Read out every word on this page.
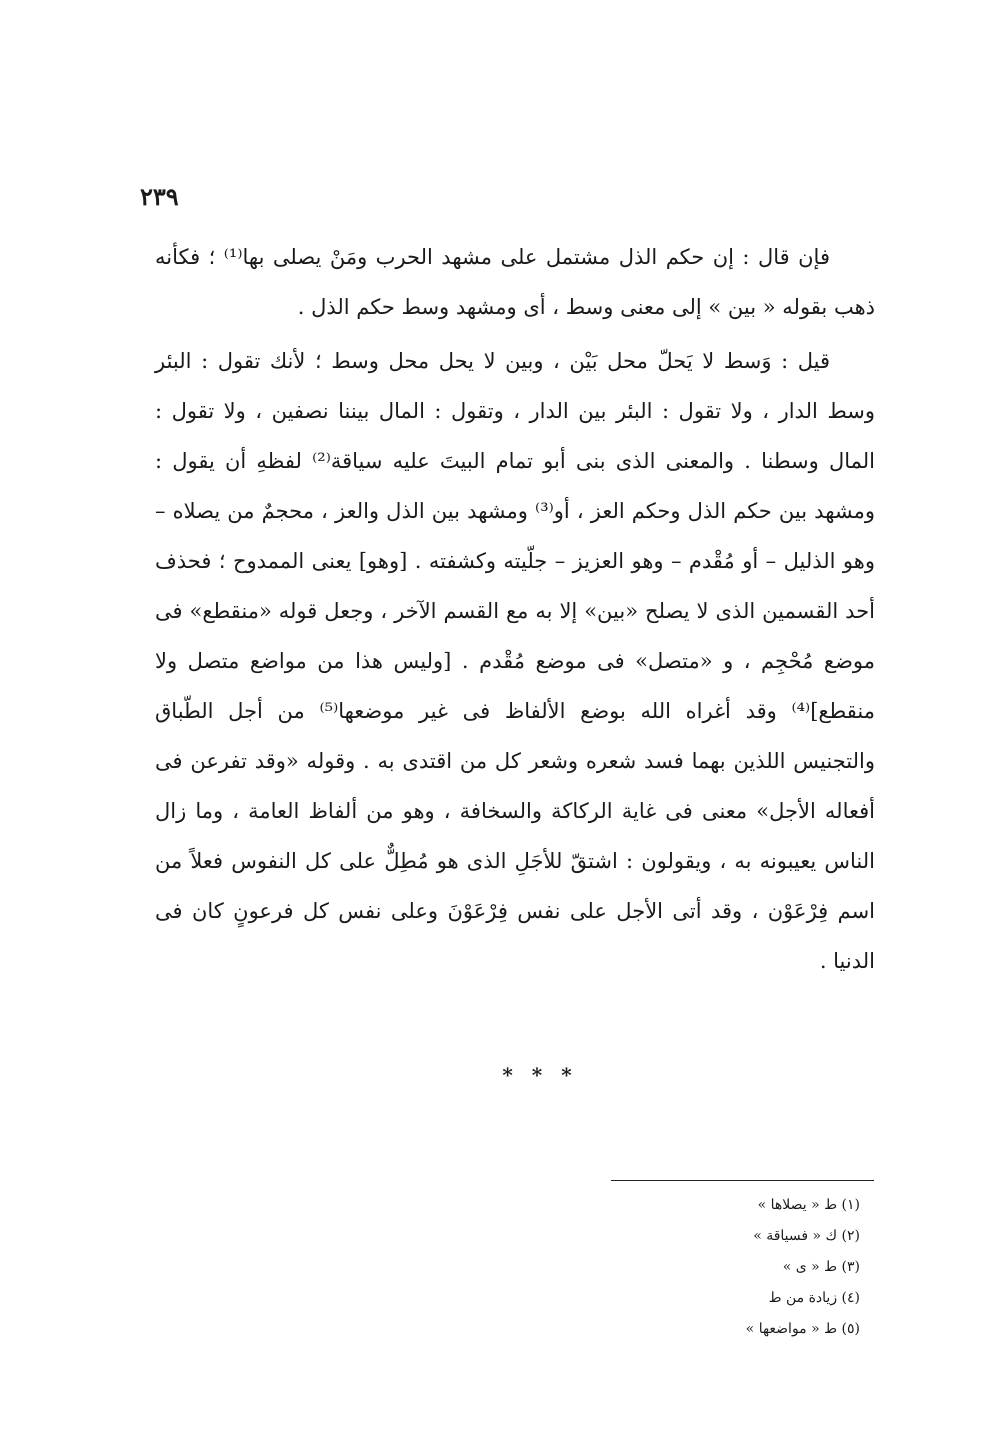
٢٣٩

فإن قال : إن حكم الذل مشتمل على مشهد الحرب ومَنْ يصلى بها⁽¹⁾ ؛ فكأنه ذهب بقوله « بين » إلى معنى وسط ، أى ومشهد وسط حكم الذل .

قيل : وَسط لا يَحلّ محل بَيْن ، وبين لا يحل محل وسط ؛ لأنك تقول : البئر وسط الدار ، ولا تقول : البئر بين الدار ، وتقول : المال بيننا نصفين ، ولا تقول : المال وسطنا . والمعنى الذى بنى أبو تمام البيتَ عليه سياقة⁽²⁾ لفظهِ أن يقول : ومشهد بين حكم الذل وحكم العز ، أو⁽³⁾ ومشهد بين الذل والعز ، محجمٌ من يصلاه – وهو الذليل – أو مُقْدم – وهو العزيز – جلّيته وكشفته . [وهو] يعنى الممدوح ؛ فحذف أحد القسمين الذى لا يصلح «بين» إلا به مع القسم الآخر ، وجعل قوله «منقطع» فى موضع مُحْجِم ، و «متصل» فى موضع مُقْدم . [وليس هذا من مواضع متصل ولا منقطع]⁽⁴⁾ وقد أغراه الله بوضع الألفاظ فى غير موضعها⁽⁵⁾ من أجل الطّباق والتجنيس اللذين بهما فسد شعره وشعر كل من اقتدى به . وقوله «وقد تفرعن فى أفعاله الأجل» معنى فى غاية الركاكة والسخافة ، وهو من ألفاظ العامة ، وما زال الناس يعيبونه به ، ويقولون : اشتقّ للأجَلِ الذى هو مُطِلٌّ على كل النفوس فعلاً من اسم فِرْعَوْن ، وقد أتى الأجل على نفس فِرْعَوْنَ وعلى نفس كل فرعونٍ كان فى الدنيا .

* * *
(١) ط « يصلاها »
(٢) ك « فسياقة »
(٣) ط « ى »
(٤) زيادة من ط
(٥) ط « مواضعها »
